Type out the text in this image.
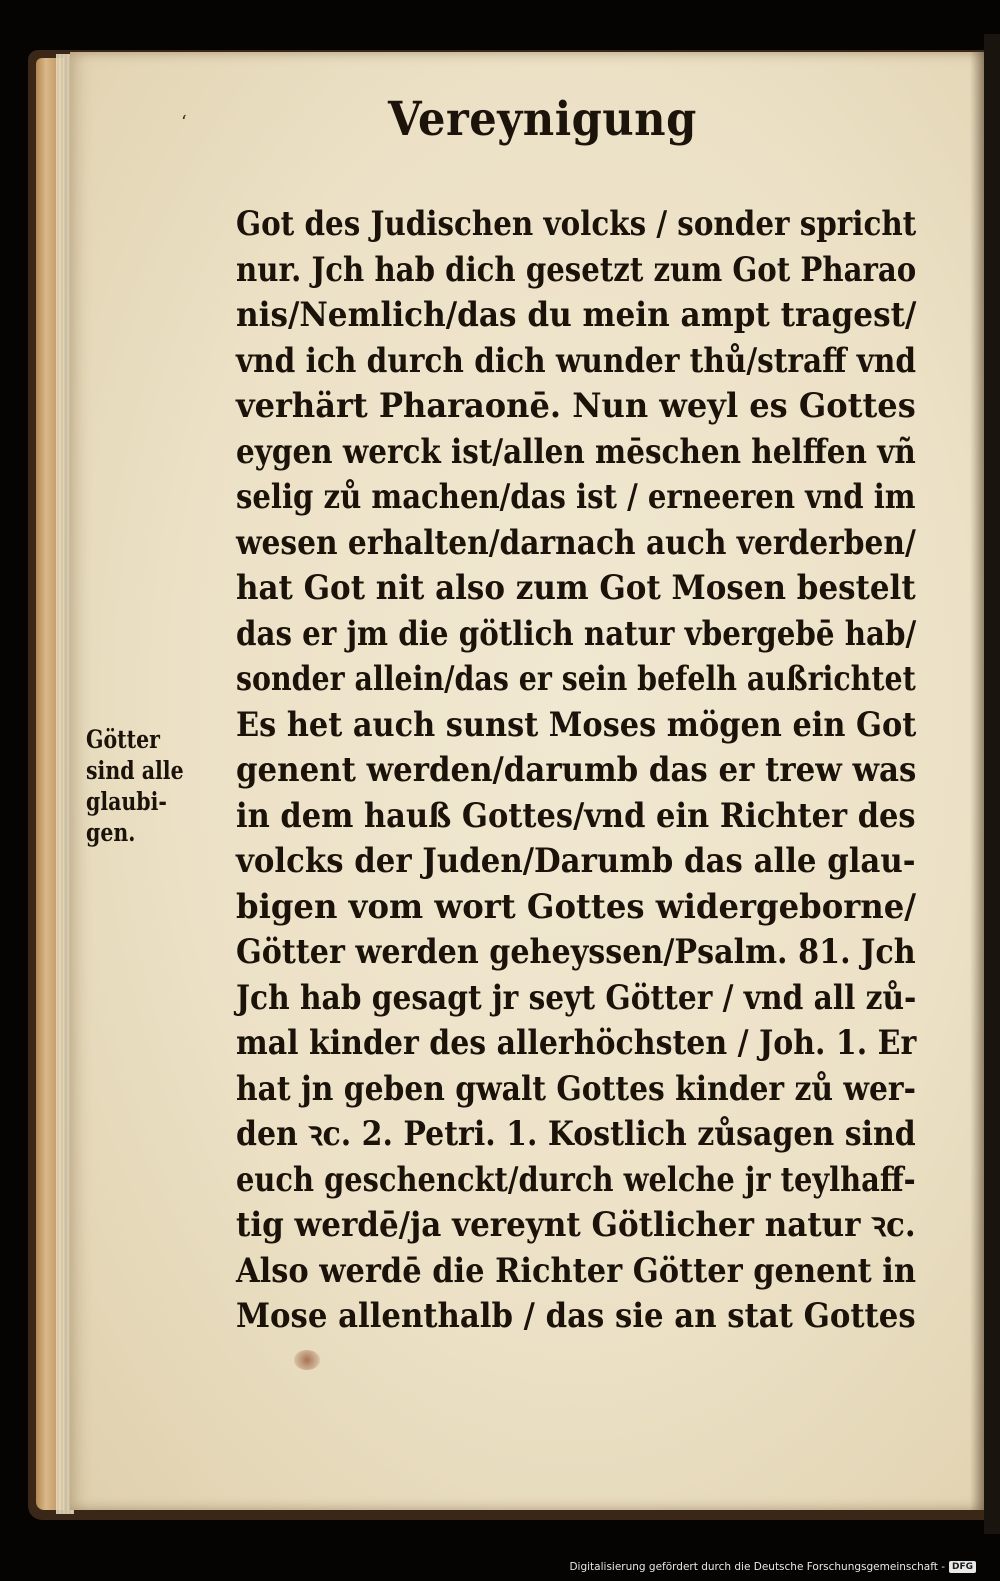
ʻ	Vereynigung
Got des Judischen volcks / sonder spricht
nur. Jch hab dich gesetzt zum Got Pharao
nis/Nemlich/das du mein ampt tragest/
vnd ich durch dich wunder thů/straff vnd
verhärt Pharaonē. Nun weyl es Gottes
eygen werck ist/allen mēschen helffen vñ
selig zů machen/das ist / erneeren vnd im
wesen erhalten/darnach auch verderben/
hat Got nit also zum Got Mosen bestelt
das er jm die götlich natur vbergebē hab/
sonder allein/das er sein befelh außrichtet
Es het auch sunst Moses mögen ein Got
genent werden/darumb das er trew was
in dem hauß Gottes/vnd ein Richter des
volcks der Juden/Darumb das alle glau-
bigen vom wort Gottes widergeborne/
Götter werden geheyssen/Psalm. 81. Jch
Jch hab gesagt jr seyt Götter / vnd all zů-
mal kinder des allerhöchsten / Joh. 1. Er
hat jn geben gwalt Gottes kinder zů wer-
den ꝛc. 2. Petri. 1. Kostlich zůsagen sind
euch geschenckt/durch welche jr teylhaff-
tig werdē/ja vereynt Götlicher natur ꝛc.
Also werdē die Richter Götter genent in
Mose allenthalb / das sie an stat Gottes
Götter
sind alle
glaubi-
gen.
Digitalisierung gefördert durch die Deutsche Forschungsgemeinschaft - DFG
